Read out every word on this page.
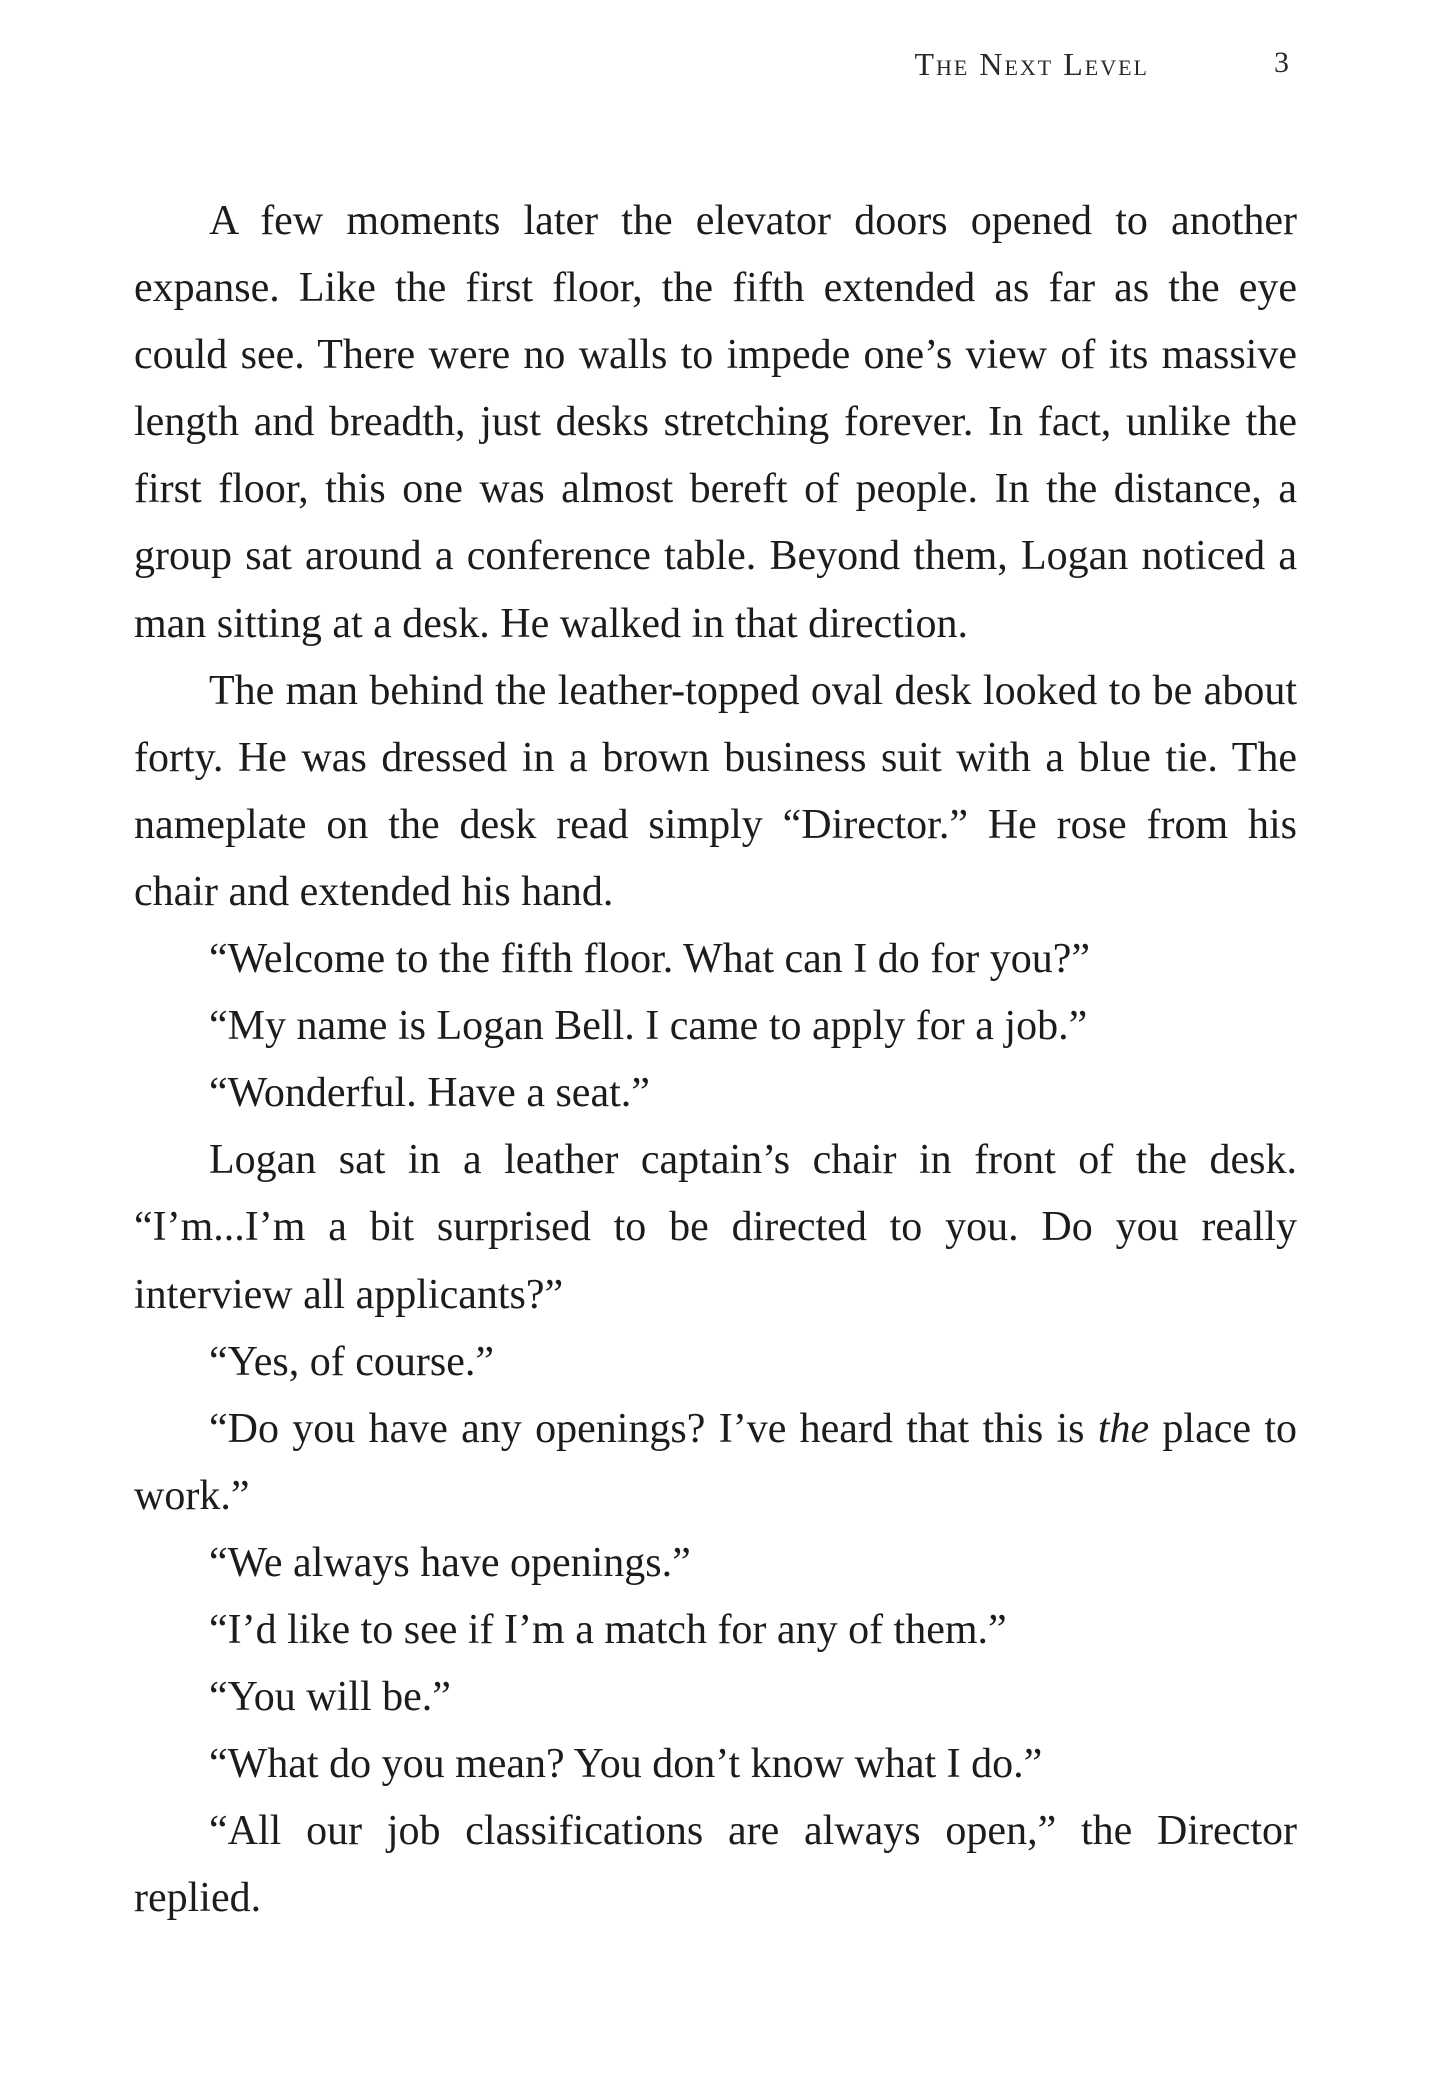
The Next Level	3

A few moments later the elevator doors opened to another expanse. Like the first floor, the fifth extended as far as the eye could see. There were no walls to impede one’s view of its massive length and breadth, just desks stretching forever. In fact, unlike the first floor, this one was almost bereft of people. In the distance, a group sat around a conference table. Beyond them, Logan noticed a man sitting at a desk. He walked in that direction.

The man behind the leather-topped oval desk looked to be about forty. He was dressed in a brown business suit with a blue tie. The nameplate on the desk read simply “Director.” He rose from his chair and extended his hand.

“Welcome to the fifth floor. What can I do for you?”

“My name is Logan Bell. I came to apply for a job.”

“Wonderful. Have a seat.”

Logan sat in a leather captain’s chair in front of the desk. “I’m...I’m a bit surprised to be directed to you. Do you really interview all applicants?”

“Yes, of course.”

“Do you have any openings? I’ve heard that this is the place to work.”

“We always have openings.”

“I’d like to see if I’m a match for any of them.”

“You will be.”

“What do you mean? You don’t know what I do.”

“All our job classifications are always open,” the Director replied.
